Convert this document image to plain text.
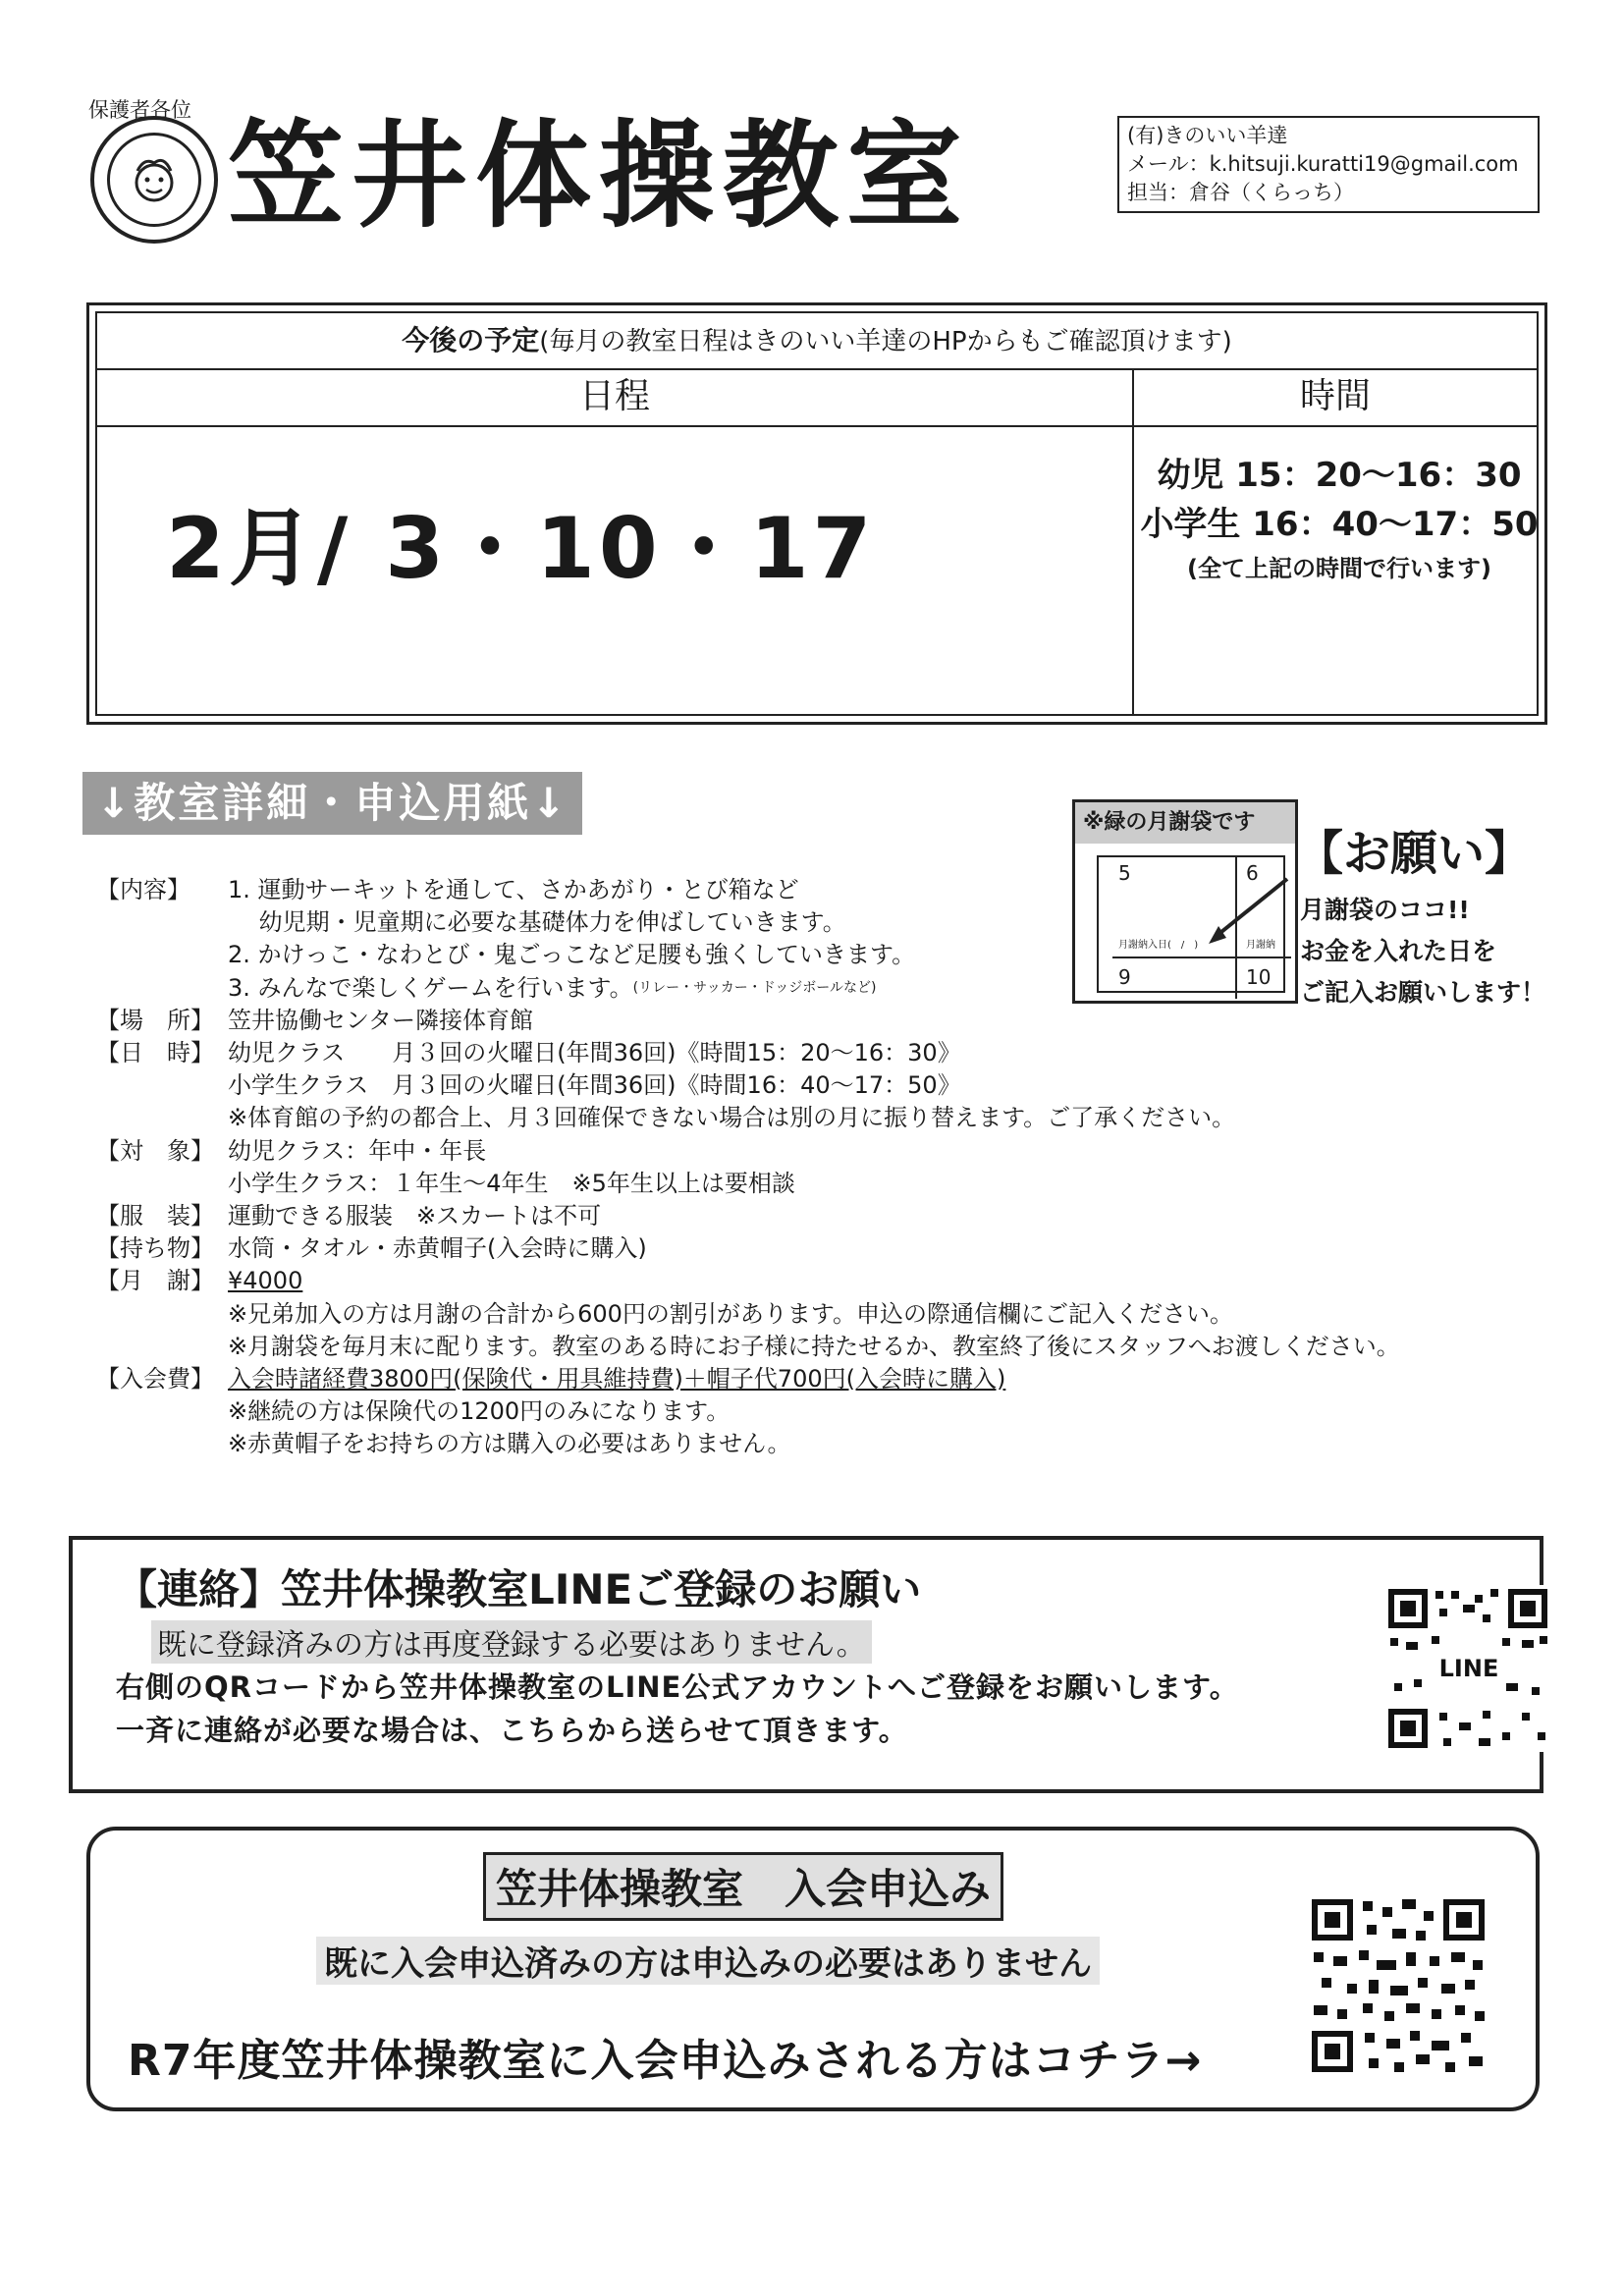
保護者各位 笠井体操教室	(有)きのいい羊達
メール：k.hitsuji.kuratti19@gmail.com
担当：倉谷（くらっち）
今後の予定(毎月の教室日程はきのいい羊達のHPからもご確認頂けます)
日程	時間
2月/ 3・10・17
幼児 15：20〜16：30
小学生 16：40〜17：50
(全て上記の時間で行います)
↓教室詳細・申込用紙↓	※緑の月謝袋です
5	6
月謝納入日(　/　)	月謝納
9	10
【お願い】
月謝袋のココ!!
お金を入れた日を
ご記入お願いします！
【内容】	1. 運動サーキットを通して、さかあがり・とび箱など
　 幼児期・児童期に必要な基礎体力を伸ばしていきます。
2. かけっこ・なわとび・鬼ごっこなど足腰も強くしていきます。
3. みんなで楽しくゲームを行います。 (リレー・サッカー・ドッジボールなど)
【場　所】 笠井協働センター隣接体育館
【日　時】 幼児クラス　　月３回の火曜日(年間36回)《時間15：20〜16：30》
小学生クラス　月３回の火曜日(年間36回)《時間16：40〜17：50》
※体育館の予約の都合上、月３回確保できない場合は別の月に振り替えます。ご了承ください。
【対　象】 幼児クラス：年中・年長
小学生クラス：１年生〜4年生　※5年生以上は要相談
【服　装】 運動できる服装　※スカートは不可
【持ち物】 水筒・タオル・赤黄帽子(入会時に購入)
【月　謝】 ¥4000
※兄弟加入の方は月謝の合計から600円の割引があります。申込の際通信欄にご記入ください。
※月謝袋を毎月末に配ります。教室のある時にお子様に持たせるか、教室終了後にスタッフへお渡しください。
【入会費】 入会時諸経費3800円(保険代・用具維持費)＋帽子代700円(入会時に購入)
※継続の方は保険代の1200円のみになります。
※赤黄帽子をお持ちの方は購入の必要はありません。
【連絡】笠井体操教室LINEご登録のお願い
既に登録済みの方は再度登録する必要はありません。
右側のQRコードから笠井体操教室のLINE公式アカウントへご登録をお願いします。
一斉に連絡が必要な場合は、こちらから送らせて頂きます。
LINE
笠井体操教室　入会申込み
既に入会申込済みの方は申込みの必要はありません
R7年度笠井体操教室に入会申込みされる方はコチラ→
